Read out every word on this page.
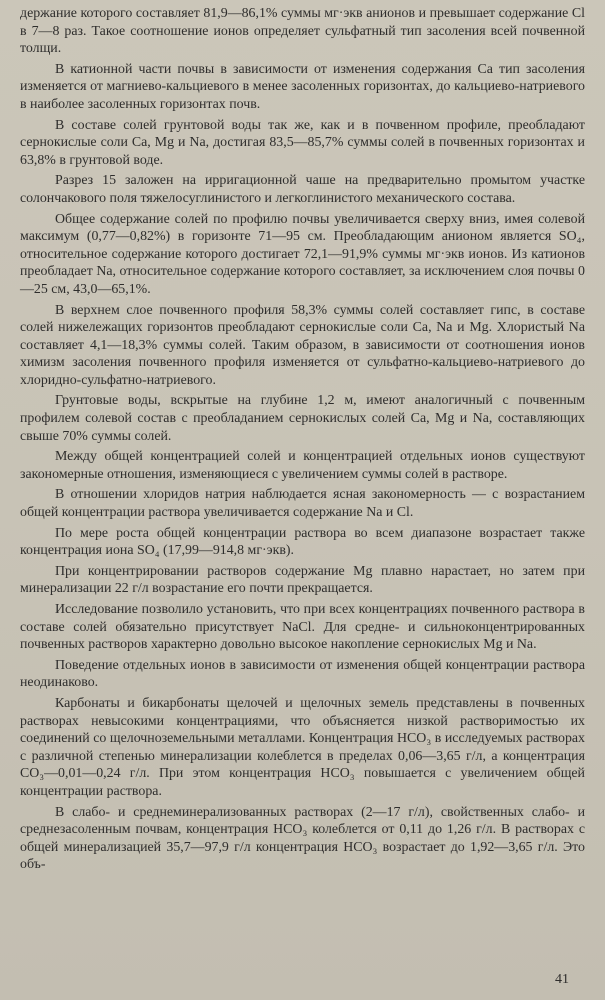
держание которого составляет 81,9—86,1% суммы мг·экв анионов и превышает содержание Cl в 7—8 раз. Такое соотношение ионов определяет сульфатный тип засоления всей почвенной толщи.

В катионной части почвы в зависимости от изменения содержания Ca тип засоления изменяется от магниево-кальциевого в менее засоленных горизонтах, до кальциево-натриевого в наиболее засоленных горизонтах почв.

В составе солей грунтовой воды так же, как и в почвенном профиле, преобладают сернокислые соли Ca, Mg и Na, достигая 83,5—85,7% суммы солей в почвенных горизонтах и 63,8% в грунтовой воде.

Разрез 15 заложен на ирригационной чаше на предварительно промытом участке солончакового поля тяжелосуглинистого и легкоглинистого механического состава.

Общее содержание солей по профилю почвы увеличивается сверху вниз, имея солевой максимум (0,77—0,82%) в горизонте 71—95 см. Преобладающим анионом является SO₄, относительное содержание которого достигает 72,1—91,9% суммы мг·экв ионов. Из катионов преобладает Na, относительное содержание которого составляет, за исключением слоя почвы 0—25 см, 43,0—65,1%.

В верхнем слое почвенного профиля 58,3% суммы солей составляет гипс, в составе солей нижележащих горизонтов преобладают сернокислые соли Ca, Na и Mg. Хлористый Na составляет 4,1—18,3% суммы солей. Таким образом, в зависимости от соотношения ионов химизм засоления почвенного профиля изменяется от сульфатно-кальциево-натриевого до хлоридно-сульфатно-натриевого.

Грунтовые воды, вскрытые на глубине 1,2 м, имеют аналогичный с почвенным профилем солевой состав с преобладанием сернокислых солей Ca, Mg и Na, составляющих свыше 70% суммы солей.

Между общей концентрацией солей и концентрацией отдельных ионов существуют закономерные отношения, изменяющиеся с увеличением суммы солей в растворе.

В отношении хлоридов натрия наблюдается ясная закономерность — с возрастанием общей концентрации раствора увеличивается содержание Na и Cl.

По мере роста общей концентрации раствора во всем диапазоне возрастает также концентрация иона SO₄ (17,99—914,8 мг·экв).

При концентрировании растворов содержание Mg плавно нарастает, но затем при минерализации 22 г/л возрастание его почти прекращается.

Исследование позволило установить, что при всех концентрациях почвенного раствора в составе солей обязательно присутствует NaCl. Для средне- и сильноконцентрированных почвенных растворов характерно довольно высокое накопление сернокислых Mg и Na.

Поведение отдельных ионов в зависимости от изменения общей концентрации раствора неодинаково.

Карбонаты и бикарбонаты щелочей и щелочных земель представлены в почвенных растворах невысокими концентрациями, что объясняется низкой растворимостью их соединений со щелочноземельными металлами. Концентрация HCO₃ в исследуемых растворах с различной степенью минерализации колеблется в пределах 0,06—3,65 г/л, а концентрация CO₃—0,01—0,24 г/л. При этом концентрация HCO₃ повышается с увеличением общей концентрации раствора.

В слабо- и среднеминерализованных растворах (2—17 г/л), свойственных слабо- и среднезасоленным почвам, концентрация HCO₃ колеблется от 0,11 до 1,26 г/л. В растворах с общей минерализацией 35,7—97,9 г/л концентрация HCO₃ возрастает до 1,92—3,65 г/л. Это объ-

41
